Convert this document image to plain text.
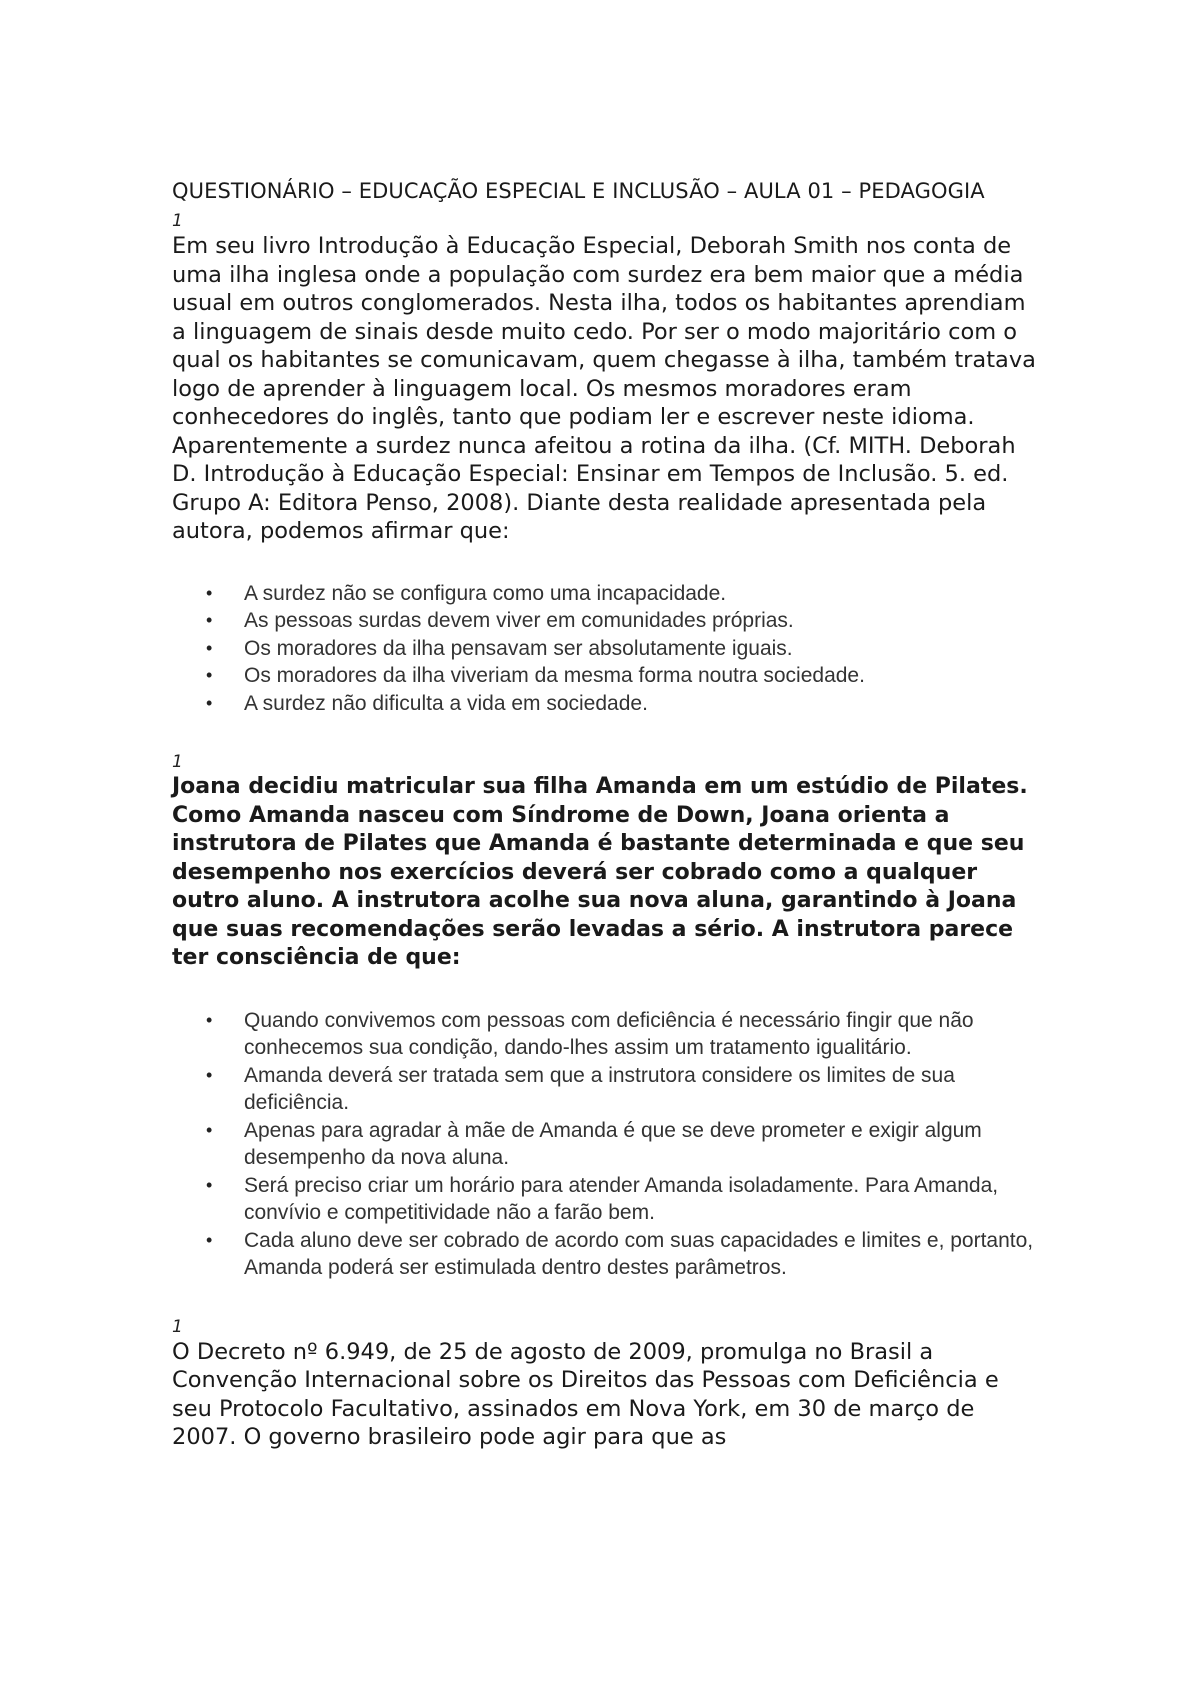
QUESTIONÁRIO – EDUCAÇÃO ESPECIAL E INCLUSÃO – AULA 01 – PEDAGOGIA

1

Em seu livro Introdução à Educação Especial, Deborah Smith nos conta de uma ilha inglesa onde a população com surdez era bem maior que a média usual em outros conglomerados. Nesta ilha, todos os habitantes aprendiam a linguagem de sinais desde muito cedo. Por ser o modo majoritário com o qual os habitantes se comunicavam, quem chegasse à ilha, também tratava logo de aprender à linguagem local. Os mesmos moradores eram conhecedores do inglês, tanto que podiam ler e escrever neste idioma. Aparentemente a surdez nunca afeitou a rotina da ilha. (Cf. MITH. Deborah D. Introdução à Educação Especial: Ensinar em Tempos de Inclusão. 5. ed. Grupo A: Editora Penso, 2008). Diante desta realidade apresentada pela autora, podemos afirmar que:

• A surdez não se configura como uma incapacidade.
• As pessoas surdas devem viver em comunidades próprias.
• Os moradores da ilha pensavam ser absolutamente iguais.
• Os moradores da ilha viveriam da mesma forma noutra sociedade.
• A surdez não dificulta a vida em sociedade.

1

Joana decidiu matricular sua filha Amanda em um estúdio de Pilates. Como Amanda nasceu com Síndrome de Down, Joana orienta a instrutora de Pilates que Amanda é bastante determinada e que seu desempenho nos exercícios deverá ser cobrado como a qualquer outro aluno. A instrutora acolhe sua nova aluna, garantindo à Joana que suas recomendações serão levadas a sério. A instrutora parece ter consciência de que:

• Quando convivemos com pessoas com deficiência é necessário fingir que não conhecemos sua condição, dando-lhes assim um tratamento igualitário.
• Amanda deverá ser tratada sem que a instrutora considere os limites de sua deficiência.
• Apenas para agradar à mãe de Amanda é que se deve prometer e exigir algum desempenho da nova aluna.
• Será preciso criar um horário para atender Amanda isoladamente. Para Amanda, convívio e competitividade não a farão bem.
• Cada aluno deve ser cobrado de acordo com suas capacidades e limites e, portanto, Amanda poderá ser estimulada dentro destes parâmetros.

1

O Decreto nº 6.949, de 25 de agosto de 2009, promulga no Brasil a Convenção Internacional sobre os Direitos das Pessoas com Deficiência e seu Protocolo Facultativo, assinados em Nova York, em 30 de março de 2007. O governo brasileiro pode agir para que as
